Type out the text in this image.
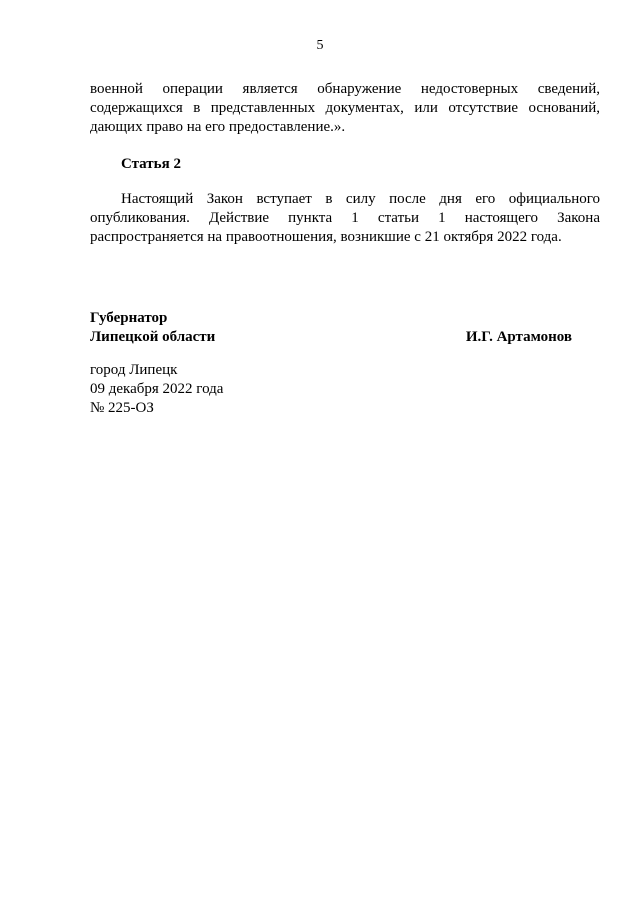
5

военной операции является обнаружение недостоверных сведений, содержащихся в представленных документах, или отсутствие оснований, дающих право на его предоставление.».

Статья 2

Настоящий Закон вступает в силу после дня его официального опубликования. Действие пункта 1 статьи 1 настоящего Закона распространяется на правоотношения, возникшие с 21 октября 2022 года.

Губернатор
Липецкой области	И.Г. Артамонов
город Липецк
09 декабря 2022 года
№ 225-ОЗ
